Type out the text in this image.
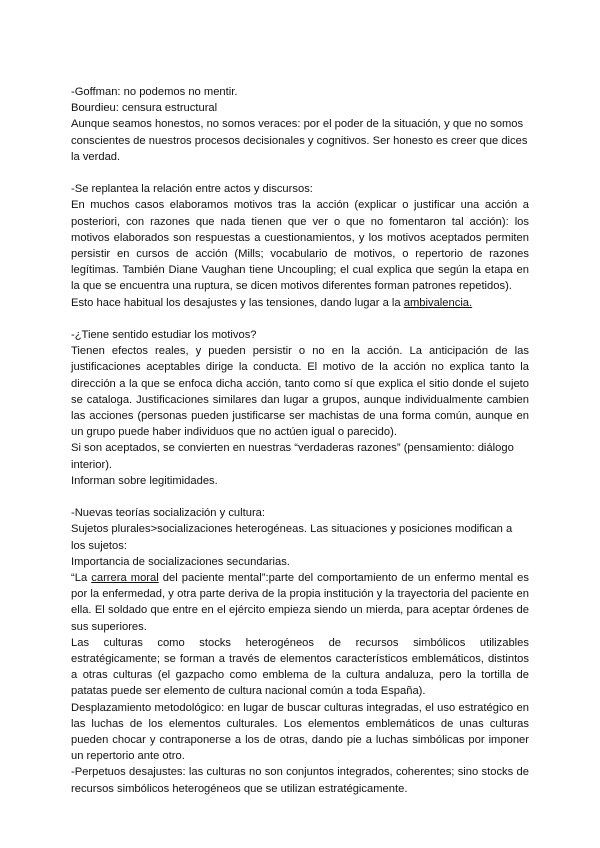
-Goffman: no podemos no mentir.

Bourdieu: censura estructural

Aunque seamos honestos, no somos veraces: por el poder de la situación, y que no somos conscientes de nuestros procesos decisionales y cognitivos. Ser honesto es creer que dices la verdad.

-Se replantea la relación entre actos y discursos:

En muchos casos elaboramos motivos tras la acción (explicar o justificar una acción a posteriori, con razones que nada tienen que ver o que no fomentaron tal acción): los motivos elaborados son respuestas a cuestionamientos, y los motivos aceptados permiten persistir en cursos de acción (Mills; vocabulario de motivos, o repertorio de razones legítimas. También Diane Vaughan tiene Uncoupling; el cual explica que según la etapa en la que se encuentra una ruptura, se dicen motivos diferentes forman patrones repetidos).

Esto hace habitual los desajustes y las tensiones, dando lugar a la ambivalencia.

-¿Tiene sentido estudiar los motivos?

Tienen efectos reales, y pueden persistir o no en la acción. La anticipación de las justificaciones aceptables dirige la conducta. El motivo de la acción no explica tanto la dirección a la que se enfoca dicha acción, tanto como sí que explica el sitio donde el sujeto se cataloga. Justificaciones similares dan lugar a grupos, aunque individualmente cambien las acciones (personas pueden justificarse ser machistas de una forma común, aunque en un grupo puede haber individuos que no actúen igual o parecido).

Si son aceptados, se convierten en nuestras “verdaderas razones” (pensamiento: diálogo interior).

Informan sobre legitimidades.

-Nuevas teorías socialización y cultura:

Sujetos plurales>socializaciones heterogéneas. Las situaciones y posiciones modifican a los sujetos:

Importancia de socializaciones secundarias.

“La carrera moral del paciente mental”:parte del comportamiento de un enfermo mental es por la enfermedad, y otra parte deriva de la propia institución y la trayectoria del paciente en ella. El soldado que entre en el ejército empieza siendo un mierda, para aceptar órdenes de sus superiores.

Las culturas como stocks heterogéneos de recursos simbólicos utilizables estratégicamente; se forman a través de elementos característicos emblemáticos, distintos a otras culturas (el gazpacho como emblema de la cultura andaluza, pero la tortilla de patatas puede ser elemento de cultura nacional común a toda España).

Desplazamiento metodológico: en lugar de buscar culturas integradas, el uso estratégico en las luchas de los elementos culturales. Los elementos emblemáticos de unas culturas pueden chocar y contraponerse a los de otras, dando pie a luchas simbólicas por imponer un repertorio ante otro.

-Perpetuos desajustes: las culturas no son conjuntos integrados, coherentes; sino stocks de recursos simbólicos heterogéneos que se utilizan estratégicamente.
